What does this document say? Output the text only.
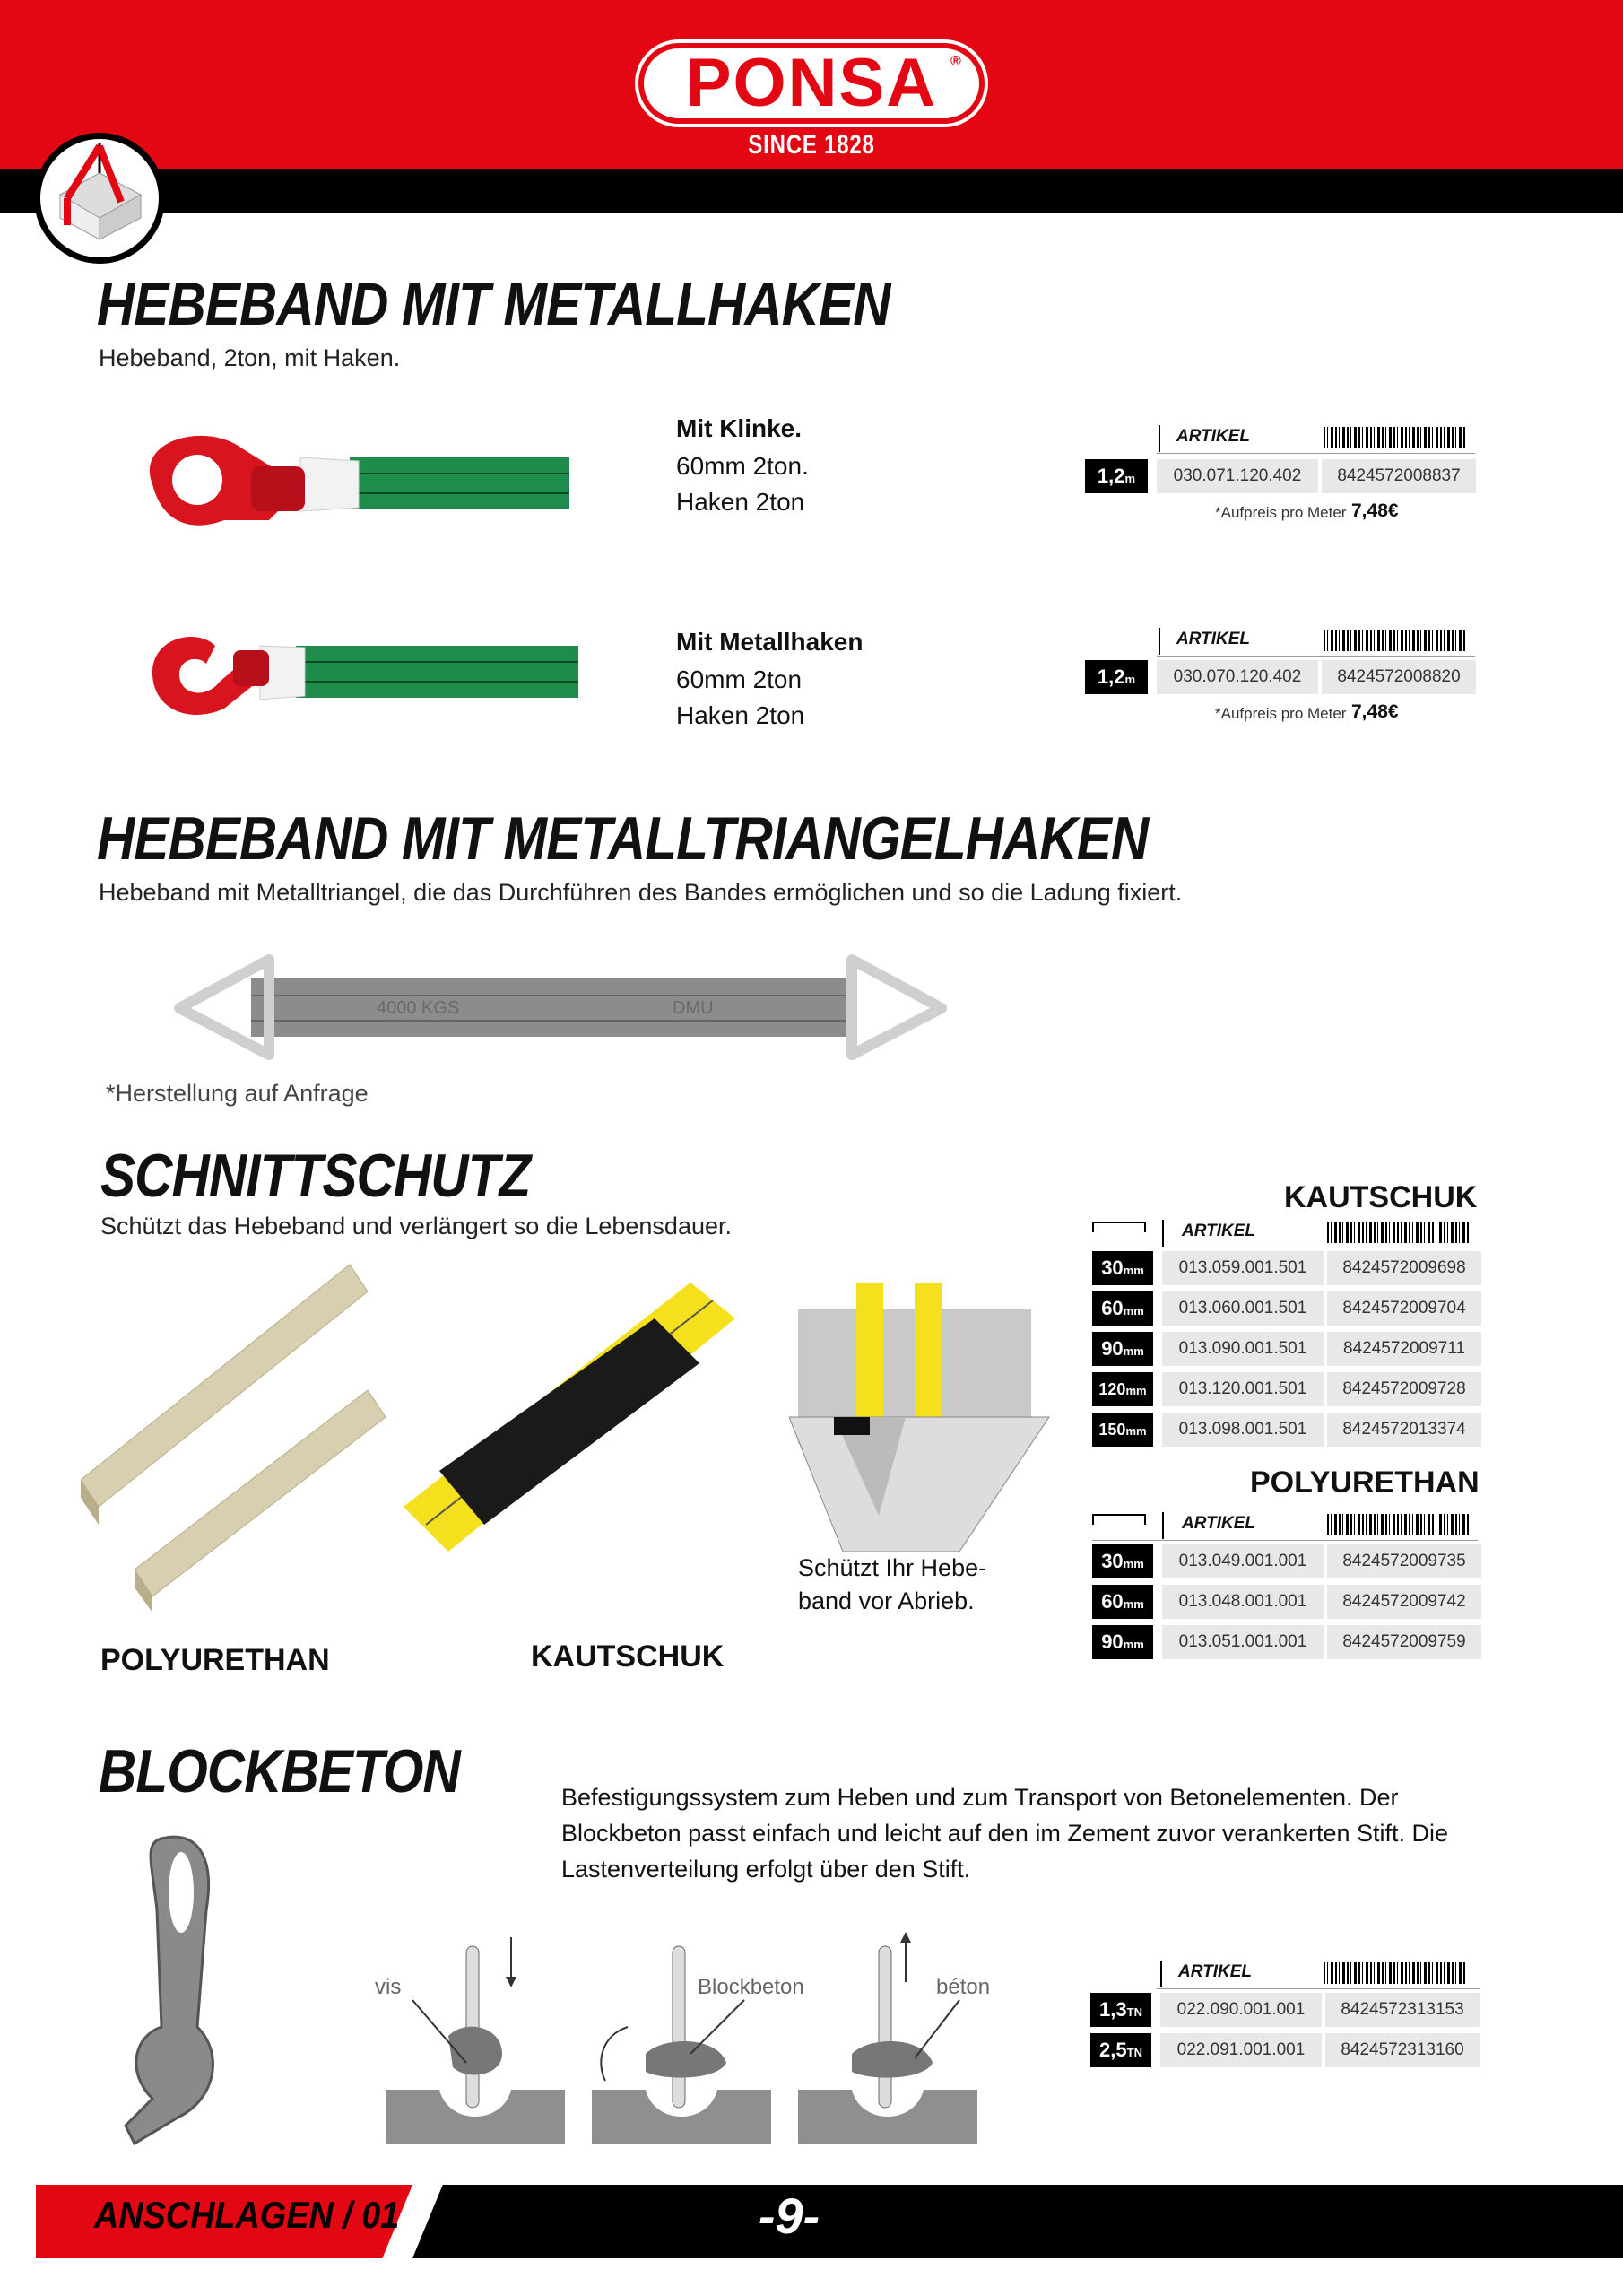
PONSA ®
SINCE 1828
HEBEBAND MIT METALLHAKEN
Hebeband, 2ton, mit Haken.
Mit Klinke.
60mm 2ton.
Haken 2ton
ARTIKEL
1,2m	030.071.120.402	8424572008837
*Aufpreis pro Meter 7,48€
Mit Metallhaken
60mm 2ton
Haken 2ton
ARTIKEL
1,2m	030.070.120.402	8424572008820
*Aufpreis pro Meter 7,48€
HEBEBAND MIT METALLTRIANGELHAKEN
Hebeband mit Metalltriangel, die das Durchführen des Bandes ermöglichen und so die Ladung fixiert.
4000 KGS	DMU
*Herstellung auf Anfrage
SCHNITTSCHUTZ
Schützt das Hebeband und verlängert so die Lebensdauer.
POLYURETHAN	KAUTSCHUK
Schützt Ihr Hebe-
band vor Abrieb.
KAUTSCHUK
ARTIKEL
30mm	013.059.001.501	8424572009698
60mm	013.060.001.501	8424572009704
90mm	013.090.001.501	8424572009711
120mm	013.120.001.501	8424572009728
150mm	013.098.001.501	8424572013374
POLYURETHAN
ARTIKEL
30mm	013.049.001.001	8424572009735
60mm	013.048.001.001	8424572009742
90mm	013.051.001.001	8424572009759
BLOCKBETON	Befestigungssystem zum Heben und zum Transport von Betonelementen. Der Blockbeton passt einfach und leicht auf den im Zement zuvor verankerten Stift. Die Lastenverteilung erfolgt über den Stift.
vis	Blockbeton	béton
ARTIKEL
1,3TN	022.090.001.001	8424572313153
2,5TN	022.091.001.001	8424572313160
ANSCHLAGEN / 01	-9-
